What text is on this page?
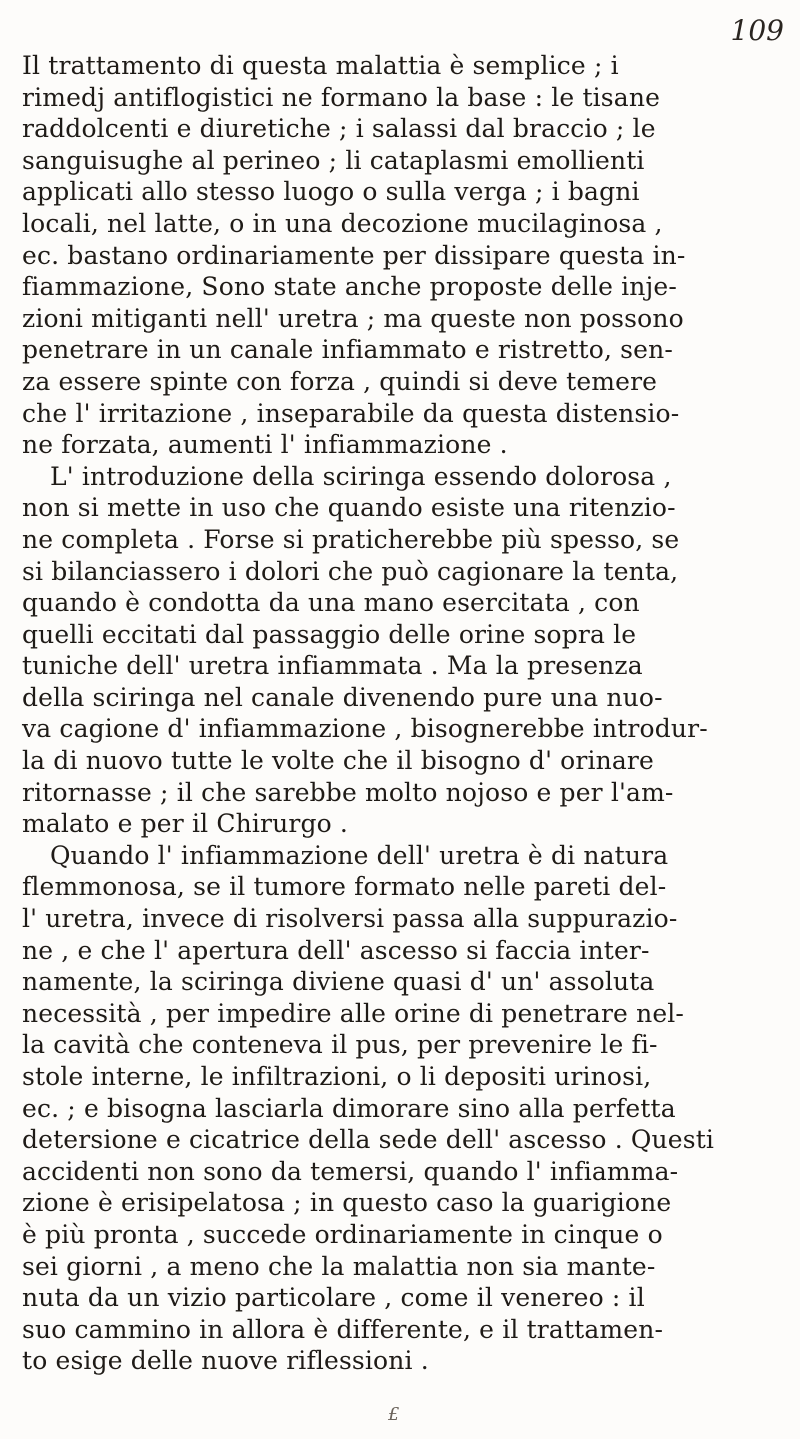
109
Il trattamento di questa malattia è semplice ; i
rimedj antiflogistici ne formano la base : le tisane
raddolcenti e diuretiche ; i salassi dal braccio ; le
sanguisughe al perineo ; li cataplasmi emollienti
applicati allo stesso luogo o sulla verga ; i bagni
locali, nel latte, o in una decozione mucilaginosa ,
ec. bastano ordinariamente per dissipare questa in-
fiammazione, Sono state anche proposte delle inje-
zioni mitiganti nell' uretra ; ma queste non possono
penetrare in un canale infiammato e ristretto, sen-
za essere spinte con forza , quindi si deve temere
che l' irritazione , inseparabile da questa distensio-
ne forzata, aumenti l' infiammazione .
L' introduzione della sciringa essendo dolorosa ,
non si mette in uso che quando esiste una ritenzio-
ne completa . Forse si praticherebbe più spesso, se
si bilanciassero i dolori che può cagionare la tenta,
quando è condotta da una mano esercitata , con
quelli eccitati dal passaggio delle orine sopra le
tuniche dell' uretra infiammata . Ma la presenza
della sciringa nel canale divenendo pure una nuo-
va cagione d' infiammazione , bisognerebbe introdur-
la di nuovo tutte le volte che il bisogno d' orinare
ritornasse ; il che sarebbe molto nojoso e per l'am-
malato e per il Chirurgo .
Quando l' infiammazione dell' uretra è di natura
flemmonosa, se il tumore formato nelle pareti del-
l' uretra, invece di risolversi passa alla suppurazio-
ne , e che l' apertura dell' ascesso si faccia inter-
namente, la sciringa diviene quasi d' un' assoluta
necessità , per impedire alle orine di penetrare nel-
la cavità che conteneva il pus, per prevenire le fi-
stole interne, le infiltrazioni, o li depositi urinosi,
ec. ; e bisogna lasciarla dimorare sino alla perfetta
detersione e cicatrice della sede dell' ascesso . Questi
accidenti non sono da temersi, quando l' infiamma-
zione è erisipelatosa ; in questo caso la guarigione
è più pronta , succede ordinariamente in cinque o
sei giorni , a meno che la malattia non sia mante-
nuta da un vizio particolare , come il venereo : il
suo cammino in allora è differente, e il trattamen-
to esige delle nuove riflessioni .
£
